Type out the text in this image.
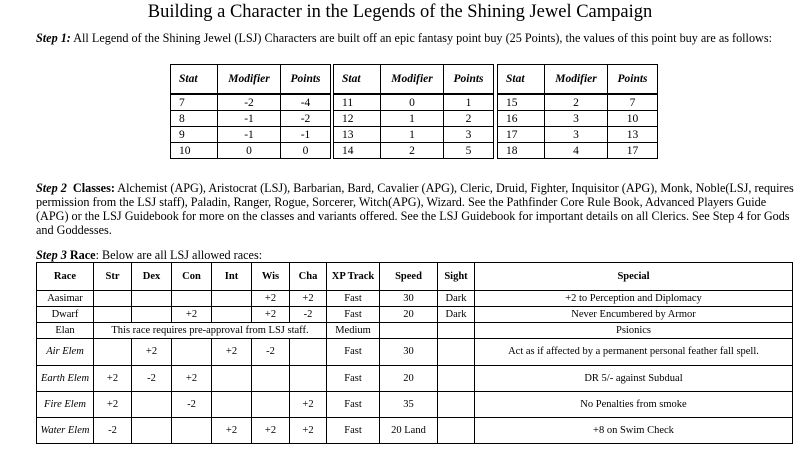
Building a Character in the Legends of the Shining Jewel Campaign
Step 1: All Legend of the Shining Jewel (LSJ) Characters are built off an epic fantasy point buy (25 Points), the values of this point buy are as follows:
Stat	Modifier	Points
7	-2	-4
8	-1	-2
9	-1	-1
10	0	0
Stat	Modifier	Points
11	0	1
12	1	2
13	1	3
14	2	5
Stat	Modifier	Points
15	2	7
16	3	10
17	3	13
18	4	17
Step 2 Classes: Alchemist (APG), Aristocrat (LSJ), Barbarian, Bard, Cavalier (APG), Cleric, Druid, Fighter, Inquisitor (APG), Monk, Noble(LSJ, requires permission from the LSJ staff), Paladin, Ranger, Rogue, Sorcerer, Witch(APG), Wizard. See the Pathfinder Core Rule Book, Advanced Players Guide (APG) or the LSJ Guidebook for more on the classes and variants offered. See the LSJ Guidebook for important details on all Clerics. See Step 4 for Gods and Goddesses.
Step 3 Race: Below are all LSJ allowed races:
Race	Str	Dex	Con	Int	Wis	Cha	XP Track	Speed	Sight	Special
Aasimar					+2	+2	Fast	30	Dark	+2 to Perception and Diplomacy
Dwarf			+2		+2	-2	Fast	20	Dark	Never Encumbered by Armor
Elan	This race requires pre-approval from LSJ staff.						Medium			Psionics
Air Elem		+2		+2	-2		Fast	30		Act as if affected by a permanent personal feather fall spell.
Earth Elem	+2	-2	+2				Fast	20		DR 5/- against Subdual
Fire Elem	+2		-2			+2	Fast	35		No Penalties from smoke
Water Elem	-2			+2	+2	+2	Fast	20 Land		+8 on Swim Check
